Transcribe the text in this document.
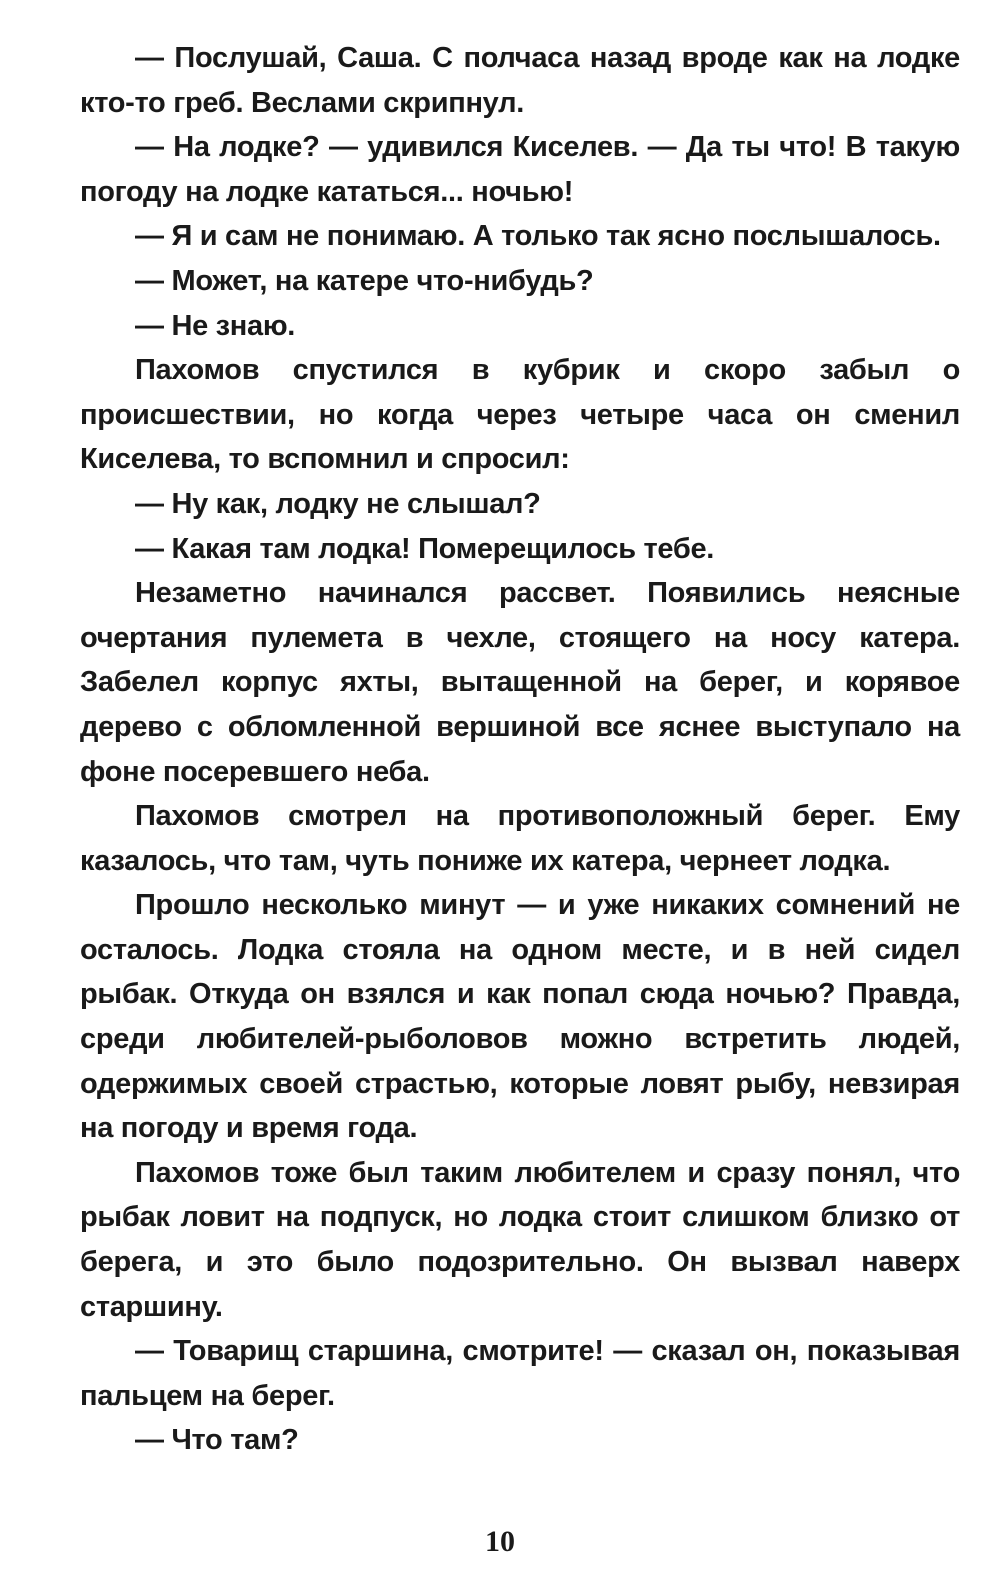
— Послушай, Саша. С полчаса назад вроде как на лодке кто-то греб. Веслами скрипнул.

— На лодке? — удивился Киселев. — Да ты что! В такую погоду на лодке кататься... ночью!

— Я и сам не понимаю. А только так ясно послышалось.

— Может, на катере что-нибудь?

— Не знаю.

Пахомов спустился в кубрик и скоро забыл о происшествии, но когда через четыре часа он сменил Киселева, то вспомнил и спросил:

— Ну как, лодку не слышал?

— Какая там лодка! Померещилось тебе.

Незаметно начинался рассвет. Появились неясные очертания пулемета в чехле, стоящего на носу катера. Забелел корпус яхты, вытащенной на берег, и корявое дерево с обломленной вершиной все яснее выступало на фоне посеревшего неба.

Пахомов смотрел на противоположный берег. Ему казалось, что там, чуть пониже их катера, чернеет лодка.

Прошло несколько минут — и уже никаких сомнений не осталось. Лодка стояла на одном месте, и в ней сидел рыбак. Откуда он взялся и как попал сюда ночью? Правда, среди любителей-рыболовов можно встретить людей, одержимых своей страстью, которые ловят рыбу, невзирая на погоду и время года.

Пахомов тоже был таким любителем и сразу понял, что рыбак ловит на подпуск, но лодка стоит слишком близко от берега, и это было подозрительно. Он вызвал наверх старшину.

— Товарищ старшина, смотрите! — сказал он, показывая пальцем на берег.

— Что там?

10
